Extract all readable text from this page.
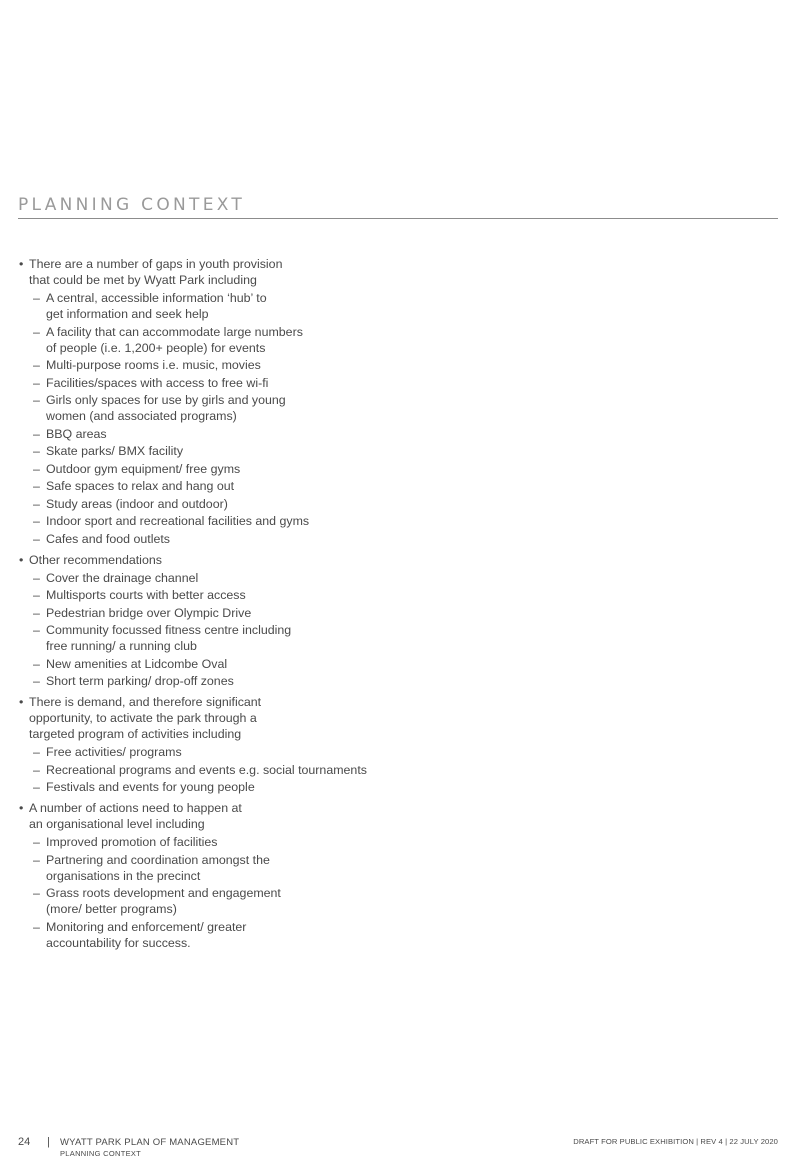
PLANNING CONTEXT
• There are a number of gaps in youth provision
that could be met by Wyatt Park including
– A central, accessible information ‘hub’ to
get information and seek help
– A facility that can accommodate large numbers
of people (i.e. 1,200+ people) for events
– Multi-purpose rooms i.e. music, movies
– Facilities/spaces with access to free wi-fi
– Girls only spaces for use by girls and young
women (and associated programs)
– BBQ areas
– Skate parks/ BMX facility
– Outdoor gym equipment/ free gyms
– Safe spaces to relax and hang out
– Study areas (indoor and outdoor)
– Indoor sport and recreational facilities and gyms
– Cafes and food outlets
• Other recommendations
– Cover the drainage channel
– Multisports courts with better access
– Pedestrian bridge over Olympic Drive
– Community focussed fitness centre including
free running/ a running club
– New amenities at Lidcombe Oval
– Short term parking/ drop-off zones
• There is demand, and therefore significant
opportunity, to activate the park through a
targeted program of activities including
– Free activities/ programs
– Recreational programs and events e.g. social tournaments
– Festivals and events for young people
• A number of actions need to happen at
an organisational level including
– Improved promotion of facilities
– Partnering and coordination amongst the
organisations in the precinct
– Grass roots development and engagement
(more/ better programs)
– Monitoring and enforcement/ greater
accountability for success.
24 | WYATT PARK PLAN OF MANAGEMENT
PLANNING CONTEXT
DRAFT FOR PUBLIC EXHIBITION | REV 4 | 22 JULY 2020
